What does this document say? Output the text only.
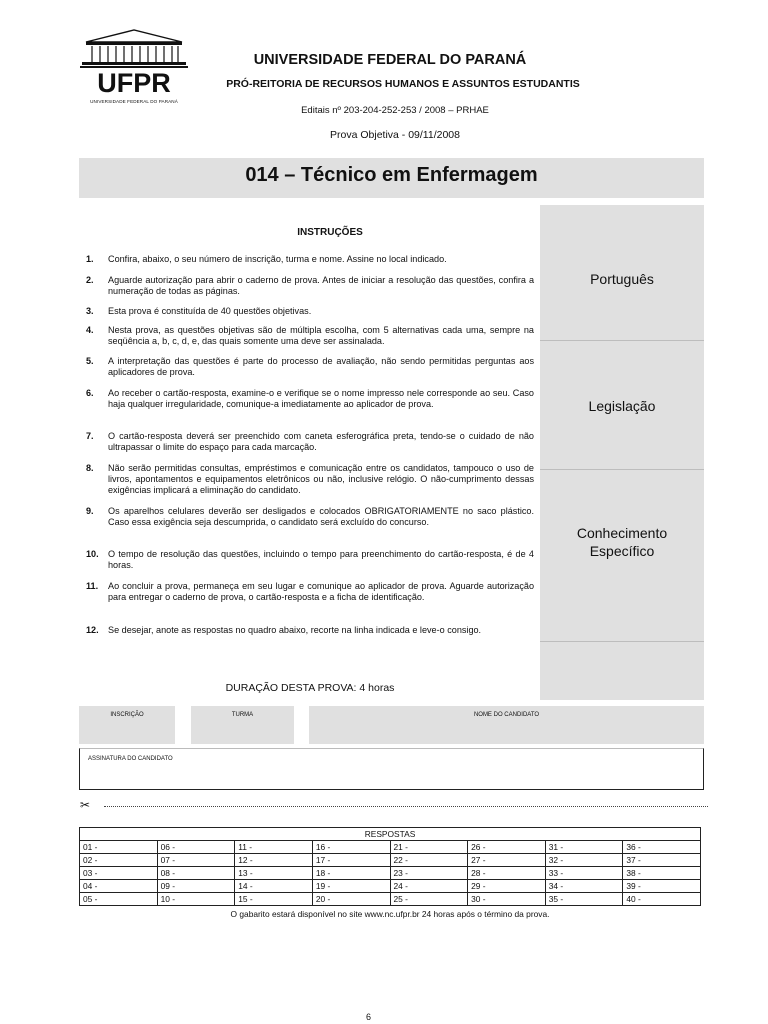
UFPR
UNIVERSIDADE FEDERAL DO PARANÁ
UNIVERSIDADE FEDERAL DO PARANÁ
PRÓ-REITORIA DE RECURSOS HUMANOS E ASSUNTOS ESTUDANTIS
Editais nº 203-204-252-253 / 2008 – PRHAE
Prova Objetiva - 09/11/2008
014 – Técnico em Enfermagem
INSTRUÇÕES
1.	Confira, abaixo, o seu número de inscrição, turma e nome. Assine no local indicado.
2.	Aguarde autorização para abrir o caderno de prova. Antes de iniciar a resolução das questões, confira a numeração de todas as páginas.
3.	Esta prova é constituída de 40 questões objetivas.
4.	Nesta prova, as questões objetivas são de múltipla escolha, com 5 alternativas cada uma, sempre na seqüência a, b, c, d, e, das quais somente uma deve ser assinalada.
5.	A interpretação das questões é parte do processo de avaliação, não sendo permitidas perguntas aos aplicadores de prova.
6.	Ao receber o cartão-resposta, examine-o e verifique se o nome impresso nele corresponde ao seu. Caso haja qualquer irregularidade, comunique-a imediatamente ao aplicador de prova.
7.	O cartão-resposta deverá ser preenchido com caneta esferográfica preta, tendo-se o cuidado de não ultrapassar o limite do espaço para cada marcação.
8.	Não serão permitidas consultas, empréstimos e comunicação entre os candidatos, tampouco o uso de livros, apontamentos e equipamentos eletrônicos ou não, inclusive relógio. O não-cumprimento dessas exigências implicará a eliminação do candidato.
9.	Os aparelhos celulares deverão ser desligados e colocados OBRIGATORIAMENTE no saco plástico. Caso essa exigência seja descumprida, o candidato será excluído do concurso.
10.	O tempo de resolução das questões, incluindo o tempo para preenchimento do cartão-resposta, é de 4 horas.
11.	Ao concluir a prova, permaneça em seu lugar e comunique ao aplicador de prova. Aguarde autorização para entregar o caderno de prova, o cartão-resposta e a ficha de identificação.
12.	Se desejar, anote as respostas no quadro abaixo, recorte na linha indicada e leve-o consigo.
Português
Legislação
Conhecimento Específico
DURAÇÃO DESTA PROVA: 4 horas
INSCRIÇÃO	TURMA	NOME DO CANDIDATO
ASSINATURA DO CANDIDATO
✂
RESPOSTAS							
01 -	06 -	11 -	16 -	21 -	26 -	31 -	36 -
02 -	07 -	12 -	17 -	22 -	27 -	32 -	37 -
03 -	08 -	13 -	18 -	23 -	28 -	33 -	38 -
04 -	09 -	14 -	19 -	24 -	29 -	34 -	39 -
05 -	10 -	15 -	20 -	25 -	30 -	35 -	40 -
O gabarito estará disponível no site www.nc.ufpr.br 24 horas após o término da prova.
6
